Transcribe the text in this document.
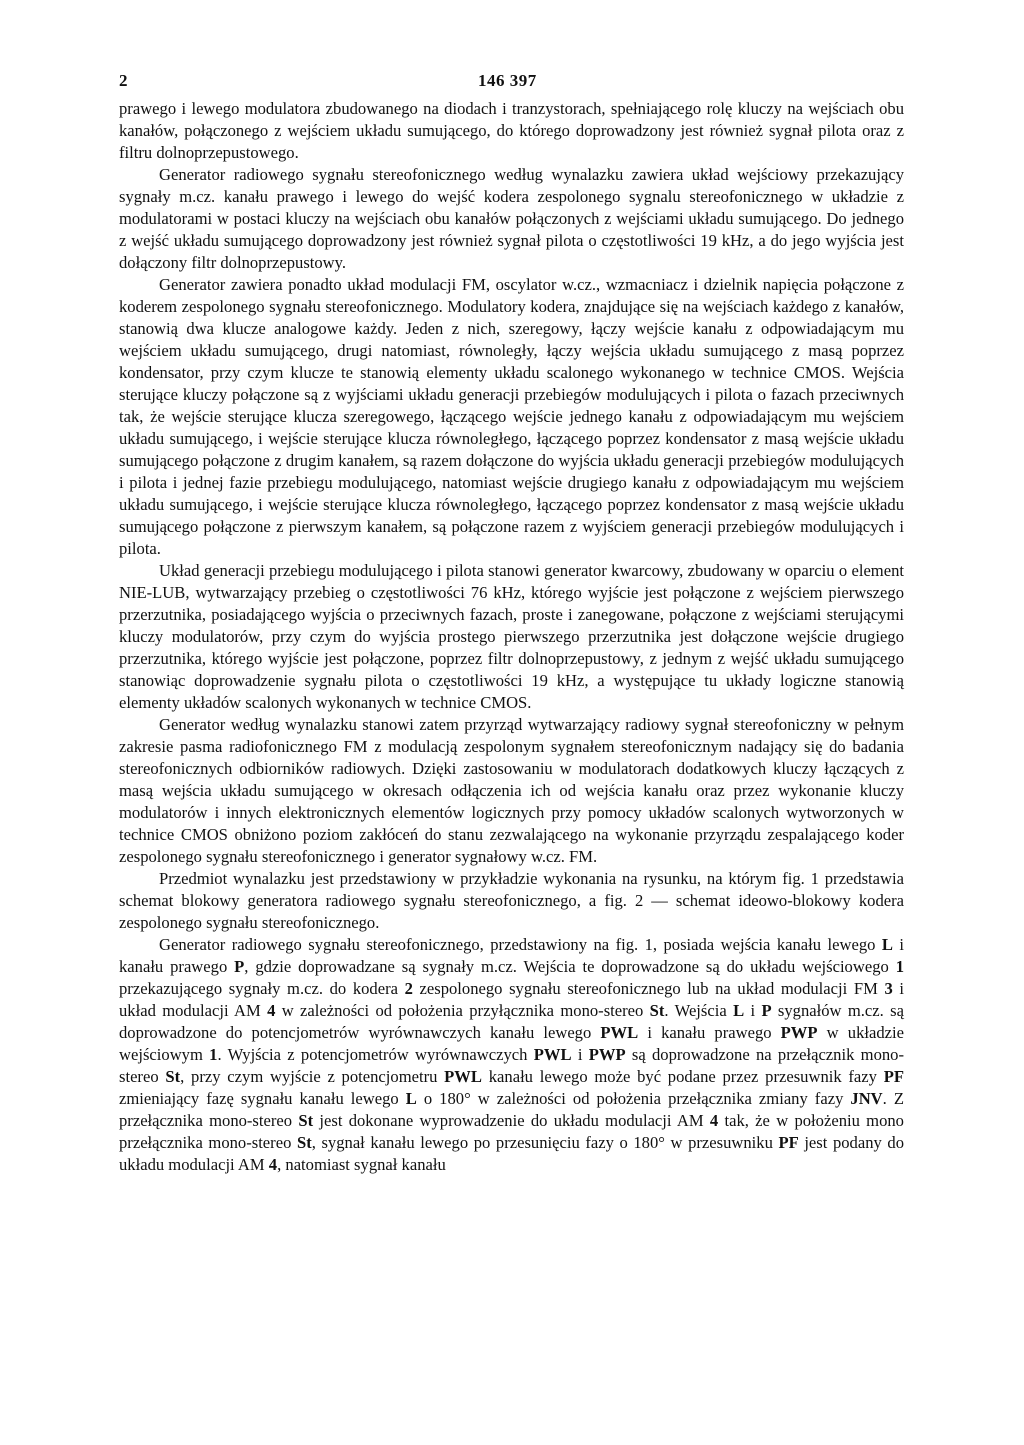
2	146 397

prawego i lewego modulatora zbudowanego na diodach i tranzystorach, spełniającego rolę kluczy na wejściach obu kanałów, połączonego z wejściem układu sumującego, do którego doprowadzony jest również sygnał pilota oraz z filtru dolnoprzepustowego.

Generator radiowego sygnału stereofonicznego według wynalazku zawiera układ wejściowy przekazujący sygnały m.cz. kanału prawego i lewego do wejść kodera zespolonego sygnalu stereofonicznego w układzie z modulatorami w postaci kluczy na wejściach obu kanałów połączonych z wejściami układu sumującego. Do jednego z wejść układu sumującego doprowadzony jest również sygnał pilota o częstotliwości 19 kHz, a do jego wyjścia jest dołączony filtr dolnoprzepustowy.

Generator zawiera ponadto układ modulacji FM, oscylator w.cz., wzmacniacz i dzielnik napięcia połączone z koderem zespolonego sygnału stereofonicznego. Modulatory kodera, znajdujące się na wejściach każdego z kanałów, stanowią dwa klucze analogowe każdy. Jeden z nich, szeregowy, łączy wejście kanału z odpowiadającym mu wejściem układu sumującego, drugi natomiast, równoległy, łączy wejścia układu sumującego z masą poprzez kondensator, przy czym klucze te stanowią elementy układu scalonego wykonanego w technice CMOS. Wejścia sterujące kluczy połączone są z wyjściami układu generacji przebiegów modulujących i pilota o fazach przeciwnych tak, że wejście sterujące klucza szeregowego, łączącego wejście jednego kanału z odpowiadającym mu wejściem układu sumującego, i wejście sterujące klucza równoległego, łączącego poprzez kondensator z masą wejście układu sumującego połączone z drugim kanałem, są razem dołączone do wyjścia układu generacji przebiegów modulujących i pilota i jednej fazie przebiegu modulującego, natomiast wejście drugiego kanału z odpowiadającym mu wejściem układu sumującego, i wejście sterujące klucza równoległego, łączącego poprzez kondensator z masą wejście układu sumującego połączone z pierwszym kanałem, są połączone razem z wyjściem generacji przebiegów modulujących i pilota.

Układ generacji przebiegu modulującego i pilota stanowi generator kwarcowy, zbudowany w oparciu o element NIE-LUB, wytwarzający przebieg o częstotliwości 76 kHz, którego wyjście jest połączone z wejściem pierwszego przerzutnika, posiadającego wyjścia o przeciwnych fazach, proste i zanegowane, połączone z wejściami sterującymi kluczy modulatorów, przy czym do wyjścia prostego pierwszego przerzutnika jest dołączone wejście drugiego przerzutnika, którego wyjście jest połączone, poprzez filtr dolnoprzepustowy, z jednym z wejść układu sumującego stanowiąc doprowadzenie sygnału pilota o częstotliwości 19 kHz, a występujące tu układy logiczne stanowią elementy układów scalonych wykonanych w technice CMOS.

Generator według wynalazku stanowi zatem przyrząd wytwarzający radiowy sygnał stereofoniczny w pełnym zakresie pasma radiofonicznego FM z modulacją zespolonym sygnałem stereofonicznym nadający się do badania stereofonicznych odbiorników radiowych. Dzięki zastosowaniu w modulatorach dodatkowych kluczy łączących z masą wejścia układu sumującego w okresach odłączenia ich od wejścia kanału oraz przez wykonanie kluczy modulatorów i innych elektronicznych elementów logicznych przy pomocy układów scalonych wytworzonych w technice CMOS obniżono poziom zakłóceń do stanu zezwalającego na wykonanie przyrządu zespalającego koder zespolonego sygnału stereofonicznego i generator sygnałowy w.cz. FM.

Przedmiot wynalazku jest przedstawiony w przykładzie wykonania na rysunku, na którym fig. 1 przedstawia schemat blokowy generatora radiowego sygnału stereofonicznego, a fig. 2 — schemat ideowo-blokowy kodera zespolonego sygnału stereofonicznego.

Generator radiowego sygnału stereofonicznego, przedstawiony na fig. 1, posiada wejścia kanału lewego L i kanału prawego P, gdzie doprowadzane są sygnały m.cz. Wejścia te doprowadzone są do układu wejściowego 1 przekazującego sygnały m.cz. do kodera 2 zespolonego sygnału stereofonicznego lub na układ modulacji FM 3 i układ modulacji AM 4 w zależności od położenia przyłącznika mono-stereo St. Wejścia L i P sygnałów m.cz. są doprowadzone do potencjometrów wyrównawczych kanału lewego PWL i kanału prawego PWP w układzie wejściowym 1. Wyjścia z potencjometrów wyrównawczych PWL i PWP są doprowadzone na przełącznik mono-stereo St, przy czym wyjście z potencjometru PWL kanału lewego może być podane przez przesuwnik fazy PF zmieniający fazę sygnału kanału lewego L o 180° w zależności od położenia przełącznika zmiany fazy JNV. Z przełącznika mono-stereo St jest dokonane wyprowadzenie do układu modulacji AM 4 tak, że w położeniu mono przełącznika mono-stereo St, sygnał kanału lewego po przesunięciu fazy o 180° w przesuwniku PF jest podany do układu modulacji AM 4, natomiast sygnał kanału
